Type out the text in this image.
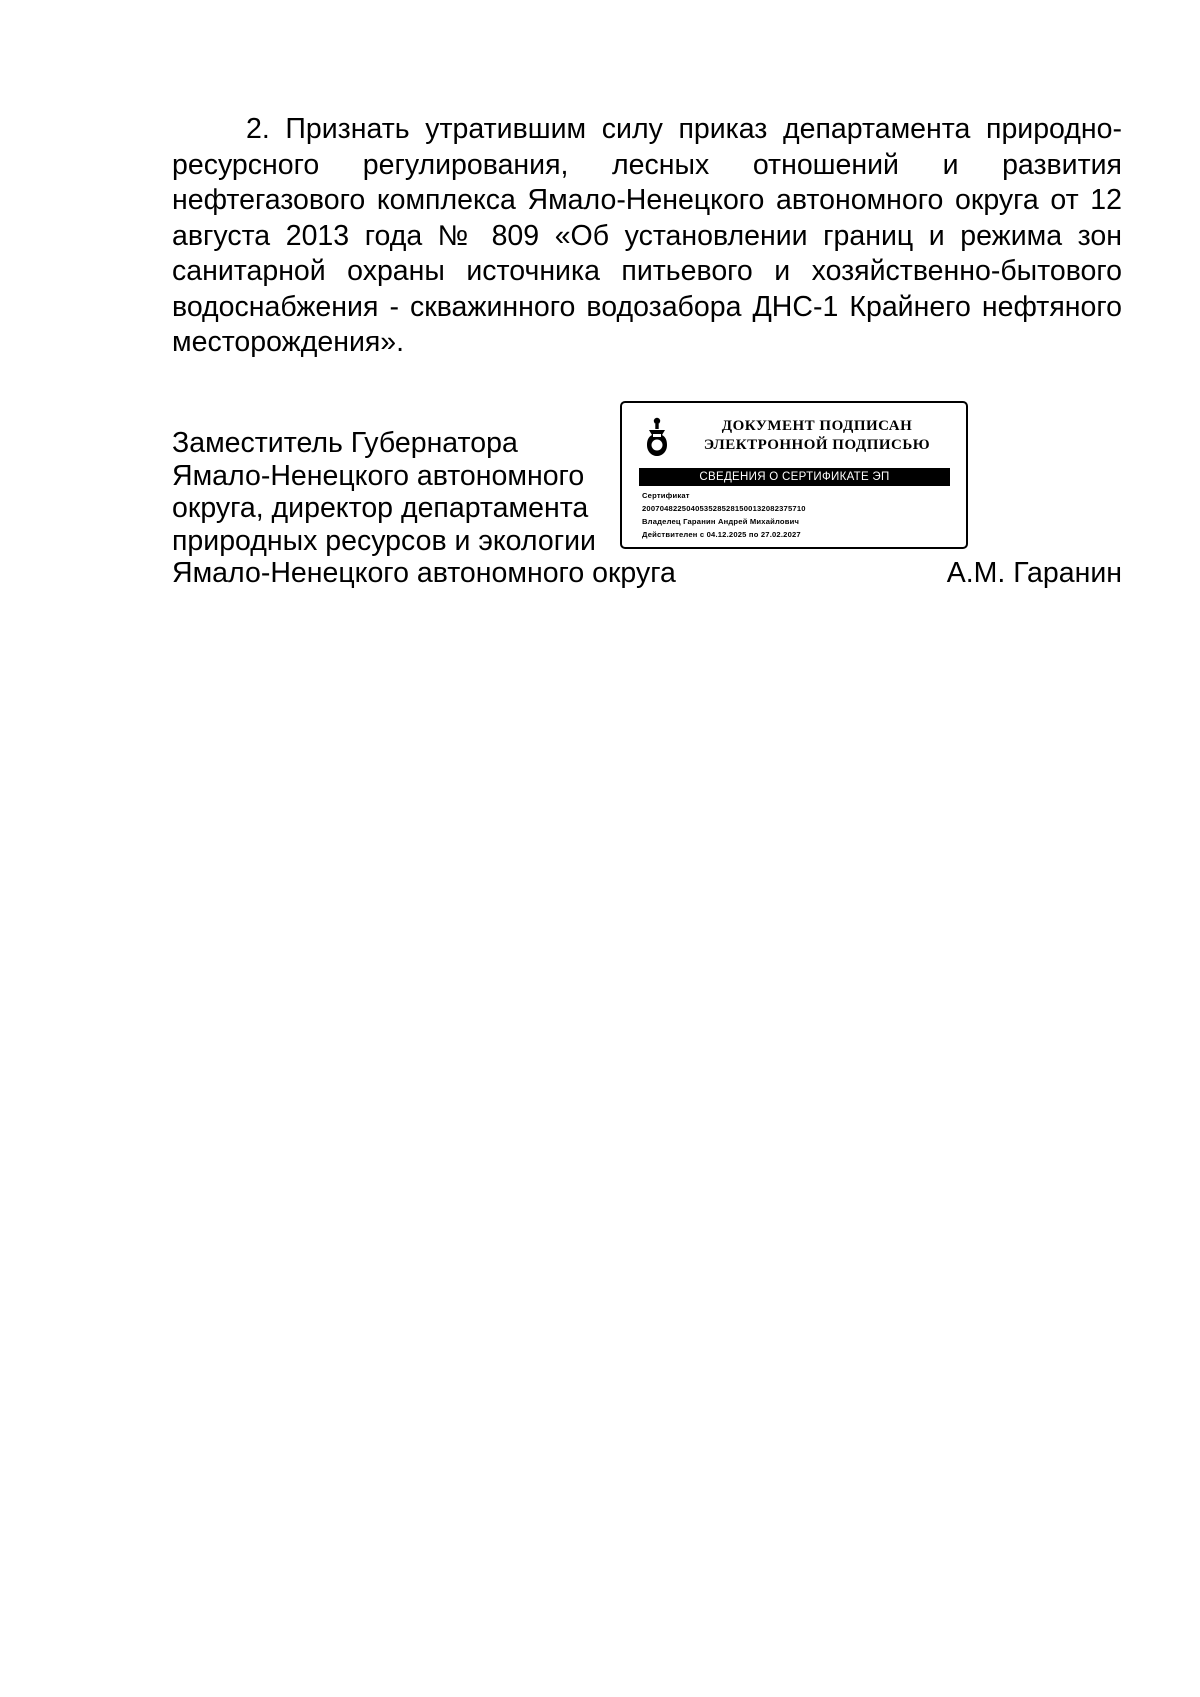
2. Признать утратившим силу приказ департамента природно-ресурсного регулирования, лесных отношений и развития нефтегазового комплекса Ямало-Ненецкого автономного округа от 12 августа 2013 года № 809 «Об установлении границ и режима зон санитарной охраны источника питьевого и хозяйственно-бытового водоснабжения - скважинного водозабора ДНС-1 Крайнего нефтяного месторождения».

Заместитель Губернатора
Ямало-Ненецкого автономного
округа, директор департамента
природных ресурсов и экологии
Ямало-Ненецкого автономного округа	А.М. Гаранин
ДОКУМЕНТ ПОДПИСАН
ЭЛЕКТРОННОЙ ПОДПИСЬЮ
СВЕДЕНИЯ О СЕРТИФИКАТЕ ЭП
Сертификат
2007048225040535285281500132082375710
Владелец Гаранин Андрей Михайлович
Действителен с 04.12.2025 по 27.02.2027
